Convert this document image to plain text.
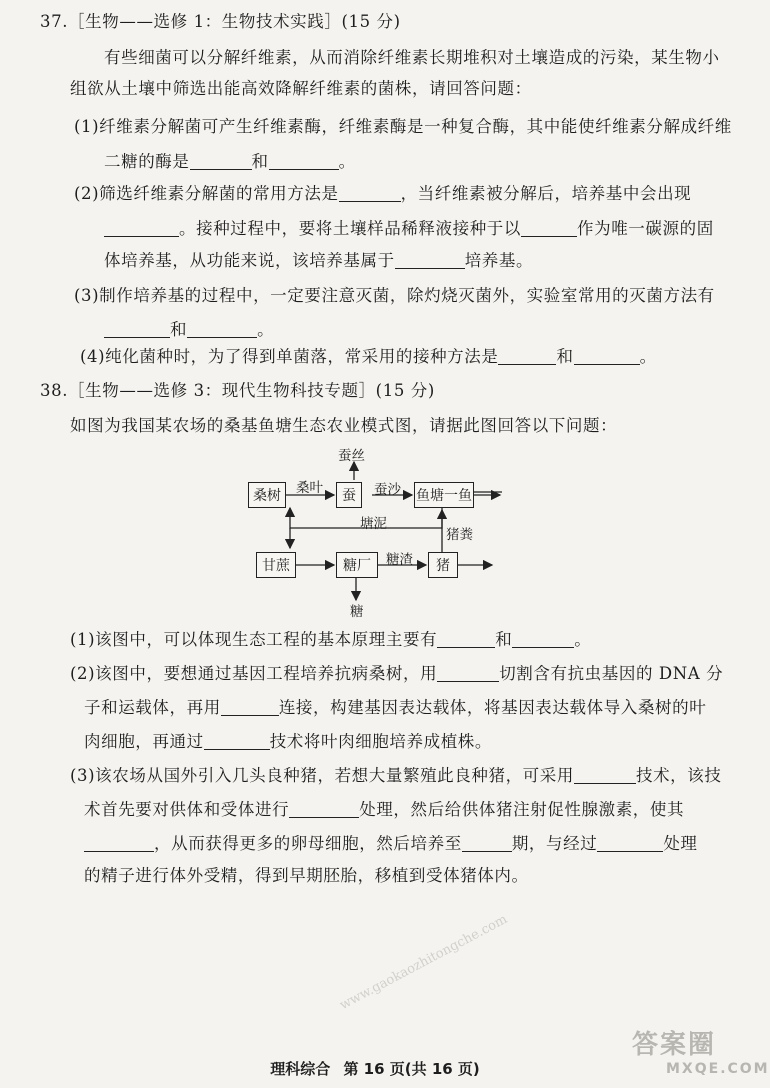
37.［生物——选修 1：生物技术实践］(15 分)
有些细菌可以分解纤维素，从而消除纤维素长期堆积对土壤造成的污染，某生物小
组欲从土壤中筛选出能高效降解纤维素的菌株，请回答问题：
(1)纤维素分解菌可产生纤维素酶，纤维素酶是一种复合酶，其中能使纤维素分解成纤维
二糖的酶是	和	。
(2)筛选纤维素分解菌的常用方法是	，当纤维素被分解后，培养基中会出现
。接种过程中，要将土壤样品稀释液接种于以	作为唯一碳源的固
体培养基，从功能来说，该培养基属于	培养基。
(3)制作培养基的过程中，一定要注意灭菌，除灼烧灭菌外，实验室常用的灭菌方法有
和	。
(4)纯化菌种时，为了得到单菌落，常采用的接种方法是	和	。
38.［生物——选修 3：现代生物科技专题］(15 分)
如图为我国某农场的桑基鱼塘生态农业模式图，请据此图回答以下问题：
桑树	蚕	鱼塘一鱼
甘蔗	糖厂	猪
蚕丝
桑叶	蚕沙
塘泥
猪粪
糖渣
糖
(1)该图中，可以体现生态工程的基本原理主要有	和	。
(2)该图中，要想通过基因工程培养抗病桑树，用	切割含有抗虫基因的 DNA 分
子和运载体，再用	连接，构建基因表达载体，将基因表达载体导入桑树的叶
肉细胞，再通过	技术将叶肉细胞培养成植株。
(3)该农场从国外引入几头良种猪，若想大量繁殖此良种猪，可采用	技术，该技
术首先要对供体和受体进行	处理，然后给供体猪注射促性腺激素，使其
，从而获得更多的卵母细胞，然后培养至	期，与经过	处理
的精子进行体外受精，得到早期胚胎，移植到受体猪体内。
www.gaokaozhitongche.com
理科综合 第 16 页(共 16 页)
答案圈
MXQE.COM
